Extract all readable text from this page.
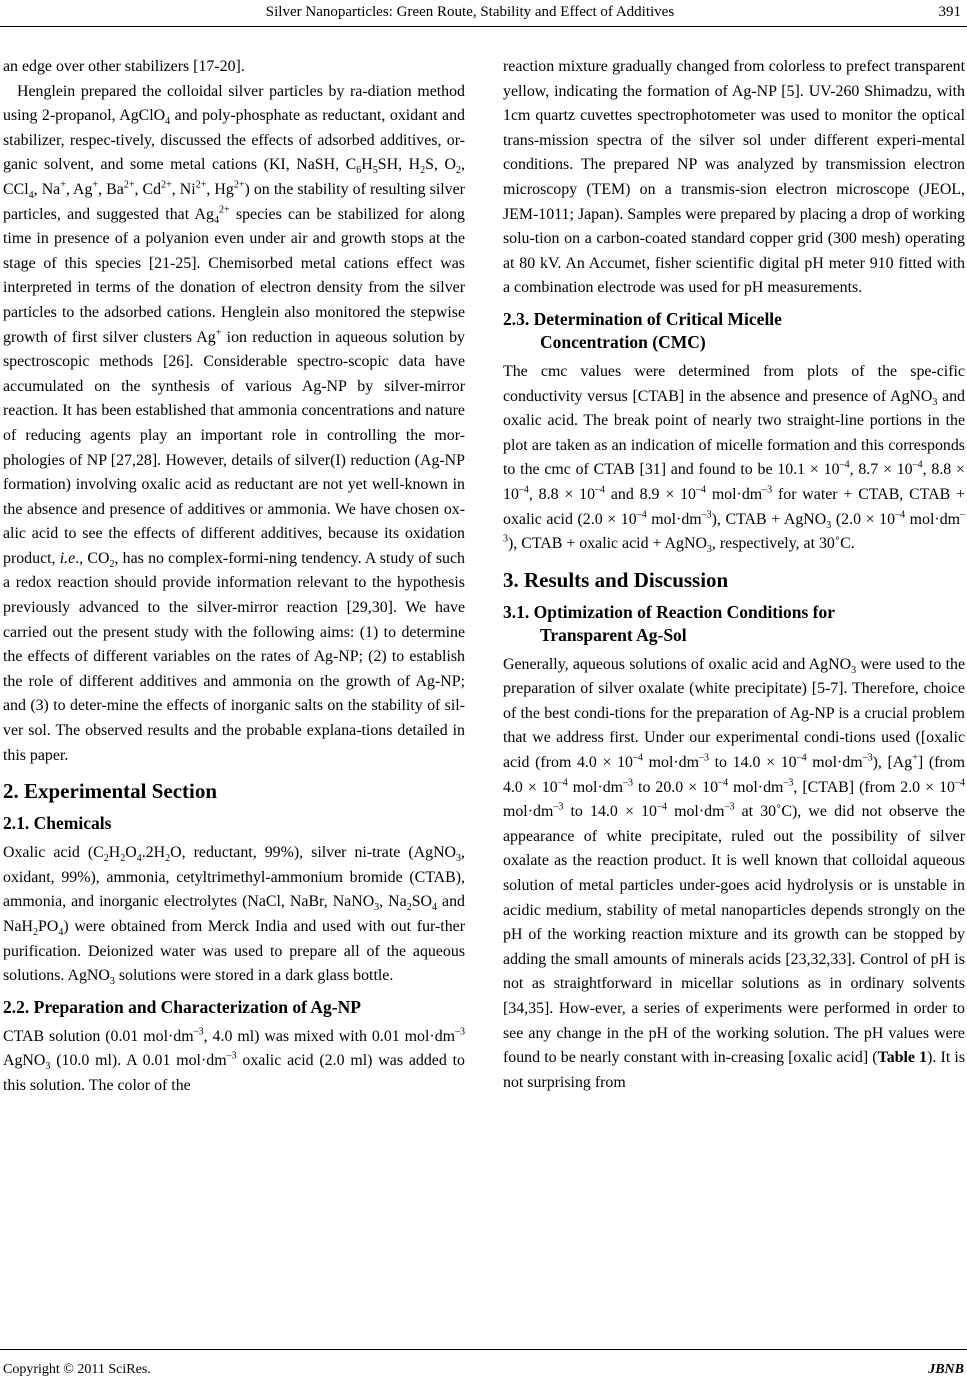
Silver Nanoparticles: Green Route, Stability and Effect of Additives	391

an edge over other stabilizers [17-20].

Henglein prepared the colloidal silver particles by ra-diation method using 2-propanol, AgClO$_4$ and poly-phosphate as reductant, oxidant and stabilizer, respec-tively, discussed the effects of adsorbed additives, or-ganic solvent, and some metal cations (KI, NaSH, $C_6H_5SH$, $H_2S$, $O_2$, CCl$_4$, Na+, Ag+, $Ba^{2+}$, $Cd^{2+}$, $Ni^{2+}$, $Hg^{2+}$) on the stability of resulting silver particles, and suggested that $Ag_4^{2+}$ species can be stabilized for along time in presence of a polyanion even under air and growth stops at the stage of this species [21-25]. Chemisorbed metal cations effect was interpreted in terms of the donation of electron density from the silver particles to the adsorbed cations. Henglein also monitored the stepwise growth of first silver clusters Ag+ ion reduction in aqueous solution by spectroscopic methods [26]. Considerable spectro-scopic data have accumulated on the synthesis of various Ag-NP by silver-mirror reaction. It has been established that ammonia concentrations and nature of reducing agents play an important role in controlling the mor-phologies of NP [27,28]. However, details of silver(I) reduction (Ag-NP formation) involving oxalic acid as reductant are not yet well-known in the absence and presence of additives or ammonia. We have chosen ox-alic acid to see the effects of different additives, because its oxidation product, i.e., $CO_2$, has no complex-formi-ning tendency. A study of such a redox reaction should provide information relevant to the hypothesis previously advanced to the silver-mirror reaction [29,30]. We have carried out the present study with the following aims: (1) to determine the effects of different variables on the rates of Ag-NP; (2) to establish the role of different additives and ammonia on the growth of Ag-NP; and (3) to deter-mine the effects of inorganic salts on the stability of sil-ver sol. The observed results and the probable explana-tions detailed in this paper.

2. Experimental Section
2.1. Chemicals

Oxalic acid ($C_2H_2O_4.2H_2O$, reductant, 99%), silver ni-trate (AgNO$_3$, oxidant, 99%), ammonia, cetyltrimethyl-ammonium bromide (CTAB), ammonia, and inorganic electrolytes (NaCl, NaBr, NaNO$_3$, $Na_2SO_4$ and $NaH_2PO_4$) were obtained from Merck India and used with out fur-ther purification. Deionized water was used to prepare all of the aqueous solutions. AgNO$_3$ solutions were stored in a dark glass bottle.

2.2. Preparation and Characterization of Ag-NP

CTAB solution (0.01 $mol\cdot dm^{-3}$, 4.0 ml) was mixed with 0.01 $mol\cdot dm^{-3}$ AgNO$_3$ (10.0 ml). A 0.01 $mol\cdot dm^{-3}$ oxalic acid (2.0 ml) was added to this solution. The color of the

reaction mixture gradually changed from colorless to prefect transparent yellow, indicating the formation of Ag-NP [5]. UV-260 Shimadzu, with 1cm quartz cuvettes spectrophotometer was used to monitor the optical trans-mission spectra of the silver sol under different experi-mental conditions. The prepared NP was analyzed by transmission electron microscopy (TEM) on a transmis-sion electron microscope (JEOL, JEM-1011; Japan). Samples were prepared by placing a drop of working solu-tion on a carbon-coated standard copper grid (300 mesh) operating at 80 kV. An Accumet, fisher scientific digital pH meter 910 fitted with a combination electrode was used for pH measurements.

2.3. Determination of Critical Micelle
Concentration (CMC)

The cmc values were determined from plots of the spe-cific conductivity versus [CTAB] in the absence and presence of AgNO$_3$ and oxalic acid. The break point of nearly two straight-line portions in the plot are taken as an indication of micelle formation and this corresponds to the cmc of CTAB [31] and found to be $10.1 \times 10^{-4}$, $8.7 \times 10^{-4}$, $8.8 \times 10^{-4}$, $8.8 \times 10^{-4}$ and $8.9 \times 10^{-4}$ $mol\cdot dm^{-3}$ for water + CTAB, CTAB + oxalic acid ($2.0 \times 10^{-4}$ $mol\cdot dm^{-3}$), CTAB + AgNO$_3$ ($2.0 \times 10^{-4}$ $mol\cdot dm^{-3}$), CTAB + oxalic acid + AgNO$_3$, respectively, at 30˚C.

3. Results and Discussion
3.1. Optimization of Reaction Conditions for
Transparent Ag-Sol

Generally, aqueous solutions of oxalic acid and AgNO$_3$ were used to the preparation of silver oxalate (white precipitate) [5-7]. Therefore, choice of the best condi-tions for the preparation of Ag-NP is a crucial problem that we address first. Under our experimental condi-tions used ([oxalic acid (from $4.0 \times 10^{-4}$ $mol\cdot dm^{-3}$ to $14.0 \times 10^{-4}$ $mol\cdot dm^{-3}$), [Ag+] (from $4.0 \times 10^{-4}$ $mol\cdot dm^{-3}$ to $20.0 \times 10^{-4}$ $mol\cdot dm^{-3}$, [CTAB] (from $2.0 \times 10^{-4}$ $mol\cdot dm^{-3}$ to $14.0 \times 10^{-4}$ $mol\cdot dm^{-3}$ at 30˚C), we did not observe the appearance of white precipitate, ruled out the possibility of silver oxalate as the reaction product. It is well known that colloidal aqueous solution of metal particles under-goes acid hydrolysis or is unstable in acidic medium, stability of metal nanoparticles depends strongly on the pH of the working reaction mixture and its growth can be stopped by adding the small amounts of minerals acids [23,32,33]. Control of pH is not as straightforward in micellar solutions as in ordinary solvents [34,35]. How-ever, a series of experiments were performed in order to see any change in the pH of the working solution. The pH values were found to be nearly constant with in-creasing [oxalic acid] (Table 1). It is not surprising from

Copyright © 2011 SciRes.	JBNB
